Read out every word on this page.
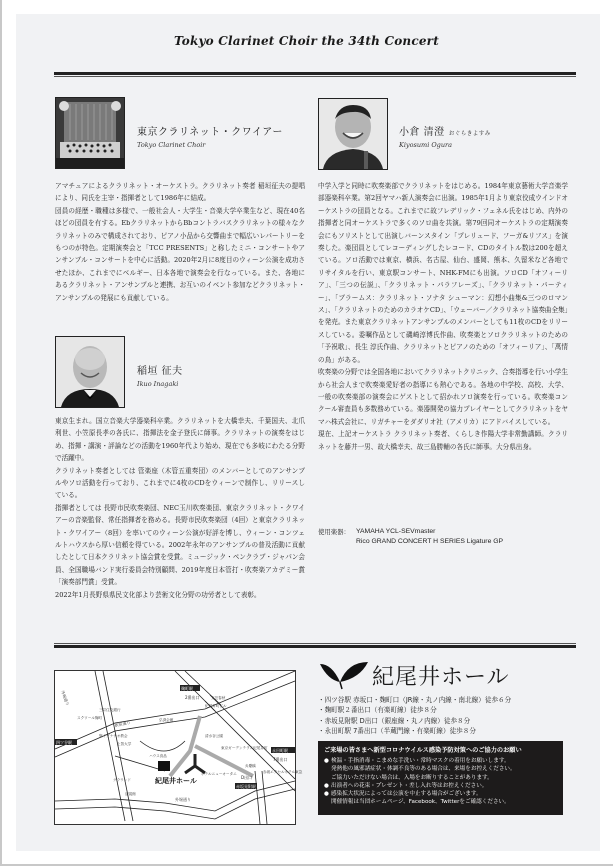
Tokyo Clarinet Choir the 34th Concert
東京クラリネット・クワイアー
Tokyo Clarinet Choir

アマチュアによるクラリネット・オーケストラ。クラリネット奏者 稲垣征夫の提唱により、同氏を主宰・指揮者として1986年に結成。

団員の経歴・職種は多様で、一般社会人・大学生・音楽大学卒業生など、現在40名ほどの団員を有する。EbクラリネットからBbコントラバスクラリネットの様々なクラリネットのみで構成されており、ピアノ小品から交響曲まで幅広いレパートリーをもつのが特色。定期演奏会と「TCC PRESENTS」と称したミニ・コンサートやアンサンブル・コンサートを中心に活動。2020年2月に8度目のウィーン公演を成功させたほか、これまでにベルギー、日本各地で演奏会を行なっている。また、各地にあるクラリネット・アンサンブルと連携、お互いのイベント参加などクラリネット・アンサンブルの発展にも貢献している。

稲垣 征夫
Ikuo Inagaki

東京生まれ。国立音楽大学器楽科卒業。クラリネットを大橋幸夫、千葉国夫、北爪利世、小笠原長孝の各氏に、指揮法を金子登氏に師事。クラリネットの演奏をはじめ、指揮・講演・評論などの活動を1960年代より始め、現在でも多岐にわたる分野で活躍中。

クラリネット奏者としては 管楽座（木管五重奏団）のメンバーとしてのアンサンブルやソロ活動を行っており、これまでに4枚のCDをウィーンで制作し、リリースしている。

指揮者としては 長野市民吹奏楽団、NEC玉川吹奏楽団、東京クラリネット・クワイアーの音楽監督、常任指揮者を務める。長野市民吹奏楽団（4回）と東京クラリネット・クワイアー（8回）を率いてのウィーン公演が好評を博し、ウィーン・コンツェルトハウスから厚い信頼を得ている。2002年永年のアンサンブルの普及活動に貢献したとして日本クラリネット協会賞を受賞。ミュージック・ペンクラブ・ジャパン会員、全国職場バンド実行委員会特別顧問、2019年度日本管打・吹奏楽アカデミー賞「演奏部門賞」受賞。

2022年1月長野県県民文化部より芸術文化分野の功労者として表彰。

小倉 清澄 おぐらきよすみ
Kiyosumi Ogura

中学入学と同時に吹奏楽部でクラリネットをはじめる。1984年東京藝術大学音楽学部器楽科卒業。第2回ヤマハ新人演奏会に出演。1985年1月より東京佼成ウインドオーケストラの団員となる。これまでに故フレデリック・フェネル氏をはじめ、内外の指揮者と同オーケストラで多くのソロ曲を共演。第79回同オーケストラの定期演奏会にもソリストとして出演しバーンスタイン「プレリュード、フーガ&リフス」を演奏した。楽団員としてレコーディングしたレコード、CDのタイトル数は200を超えている。ソロ活動では東京、横浜、名古屋、仙台、盛岡、熊本、久留米など各地でリサイタルを行い、東京駅コンサート、NHK-FMにも出演。ソロCD「オフィーリア」、「三つの伝説」、「クラリネット・パラフレーズ」、「クラリネット・パーティー」、「ブラームス：クラリネット・ソナタ シューマン：幻想小曲集&三つのロマンス」、「クラリネットのためのカラオケCD」、「ウェーバー／クラリネット協奏曲全集」を発売。また東京クラリネットアンサンブルのメンバーとしても11枚のCDをリリースしている。委嘱作品として磯崎淳博氏作曲、吹奏楽とソロクラリネットのための「予祝歌」、長生 淳氏作曲、クラリネットとピアノのための「オフィーリア」、「萬情の鳥」がある。

吹奏楽の分野では全国各地においてクラリネットクリニック、合奏指導を行い小学生から社会人まで吹奏楽愛好者の指導にも熱心である。各地の中学校、高校、大学、一般の吹奏楽部の演奏会にゲストとして招かれソロ演奏を行っている。吹奏楽コンクール審査員も多数務めている。楽器開発の協力プレイヤーとしてクラリネットをヤマハ株式会社に、リガチャーをダダリオ社（アメリカ）にアドバイスしている。

現在、上記オーケストラ クラリネット奏者、くらしき作陽大学非常勤講師。クラリネットを藤井一男、故大橋幸夫、故三島勝輔の各氏に師事。大分県出身。

使用楽器： YAMAHA YCL-SEVmaster
Rico GRAND CONCERT H SERIES Ligature GP
紀尾井ホール
麹町駅
四ツ谷駅
永田町駅
赤坂見附駅
2番出口
7番出口
D出口
文芸春秋
紀尾井町ビル
三井住友銀行
スクワール麹町	弘済会館
聖イグナチオ教会
上智大学
ハウス食品
清水谷公園
東京ガーデンテラス紀尾井町
ホテルニューオータニ
グラウンド
迎賓館
弁慶橋
赤坂エクセルホテル東急
新宿通り
外堀通り
外堀通り
紀尾井ホール
・四ツ谷駅 赤坂口・麹町口（JR線・丸ノ内線・南北線）徒歩６分
・麹町駅２番出口（有楽町線）徒歩８分
・赤坂見附駅 D出口（銀座線・丸ノ内線）徒歩８分
・永田町駅 7番出口（半蔵門線・有楽町線）徒歩８分
ご来場の皆さまへ新型コロナウイルス感染予防対策へのご協力のお願い
● 検温・手指消毒・こまめな手洗い・常時マスクの着用をお願いします。
発熱他の風邪諸症状・体調不良等のある場合は、来場をお控えください。
ご協力いただけない場合は、入場をお断りすることがあります。
● 出演者への花束・プレゼント・差し入れ等はお控えください。
● 感染拡大状況によっては公演を中止する場合がございます。
開催情報は当団ホームページ、Facebook、Twitterをご確認ください。
